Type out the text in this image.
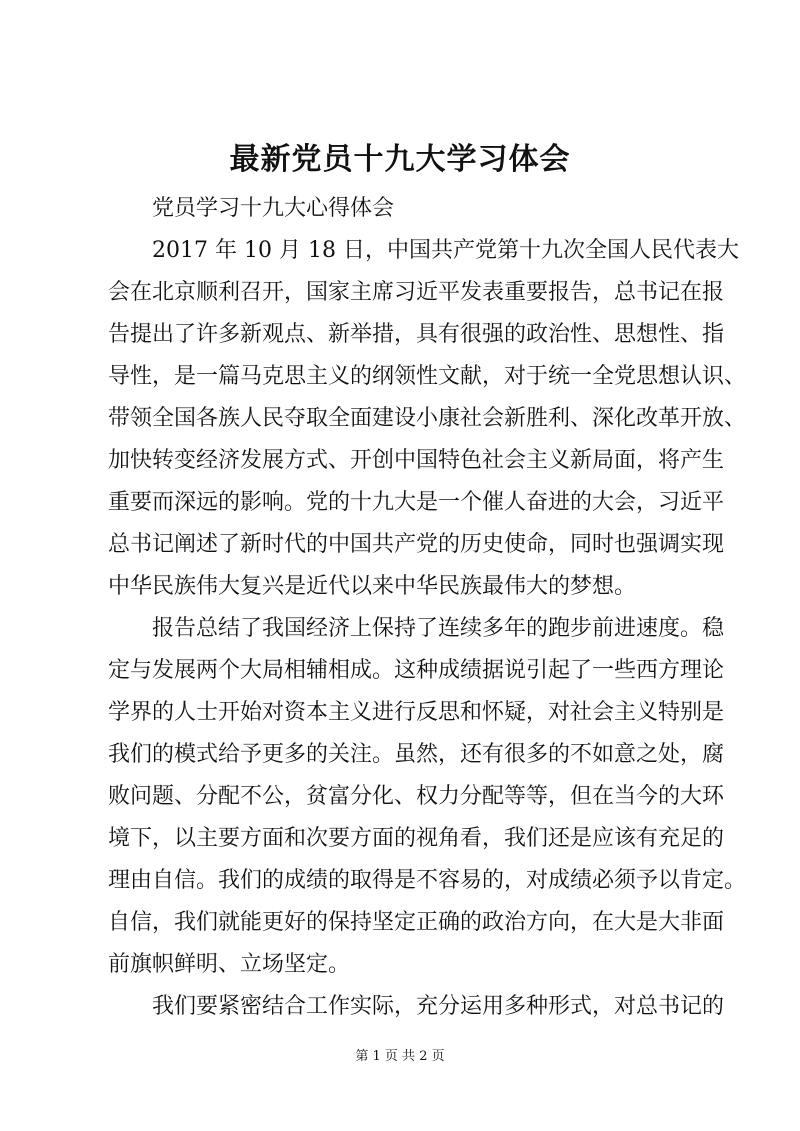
最新党员十九大学习体会
党员学习十九大心得体会
2017 年 10 月 18 日，中国共产党第十九次全国人民代表大
会在北京顺利召开，国家主席习近平发表重要报告，总书记在报
告提出了许多新观点、新举措，具有很强的政治性、思想性、指
导性，是一篇马克思主义的纲领性文献，对于统一全党思想认识、
带领全国各族人民夺取全面建设小康社会新胜利、深化改革开放、
加快转变经济发展方式、开创中国特色社会主义新局面，将产生
重要而深远的影响。党的十九大是一个催人奋进的大会，习近平
总书记阐述了新时代的中国共产党的历史使命，同时也强调实现
中华民族伟大复兴是近代以来中华民族最伟大的梦想。
报告总结了我国经济上保持了连续多年的跑步前进速度。稳
定与发展两个大局相辅相成。这种成绩据说引起了一些西方理论
学界的人士开始对资本主义进行反思和怀疑，对社会主义特别是
我们的模式给予更多的关注。虽然，还有很多的不如意之处，腐
败问题、分配不公，贫富分化、权力分配等等，但在当今的大环
境下，以主要方面和次要方面的视角看，我们还是应该有充足的
理由自信。我们的成绩的取得是不容易的，对成绩必须予以肯定。
自信，我们就能更好的保持坚定正确的政治方向，在大是大非面
前旗帜鲜明、立场坚定。
我们要紧密结合工作实际，充分运用多种形式，对总书记的
第 1 页 共 2 页
